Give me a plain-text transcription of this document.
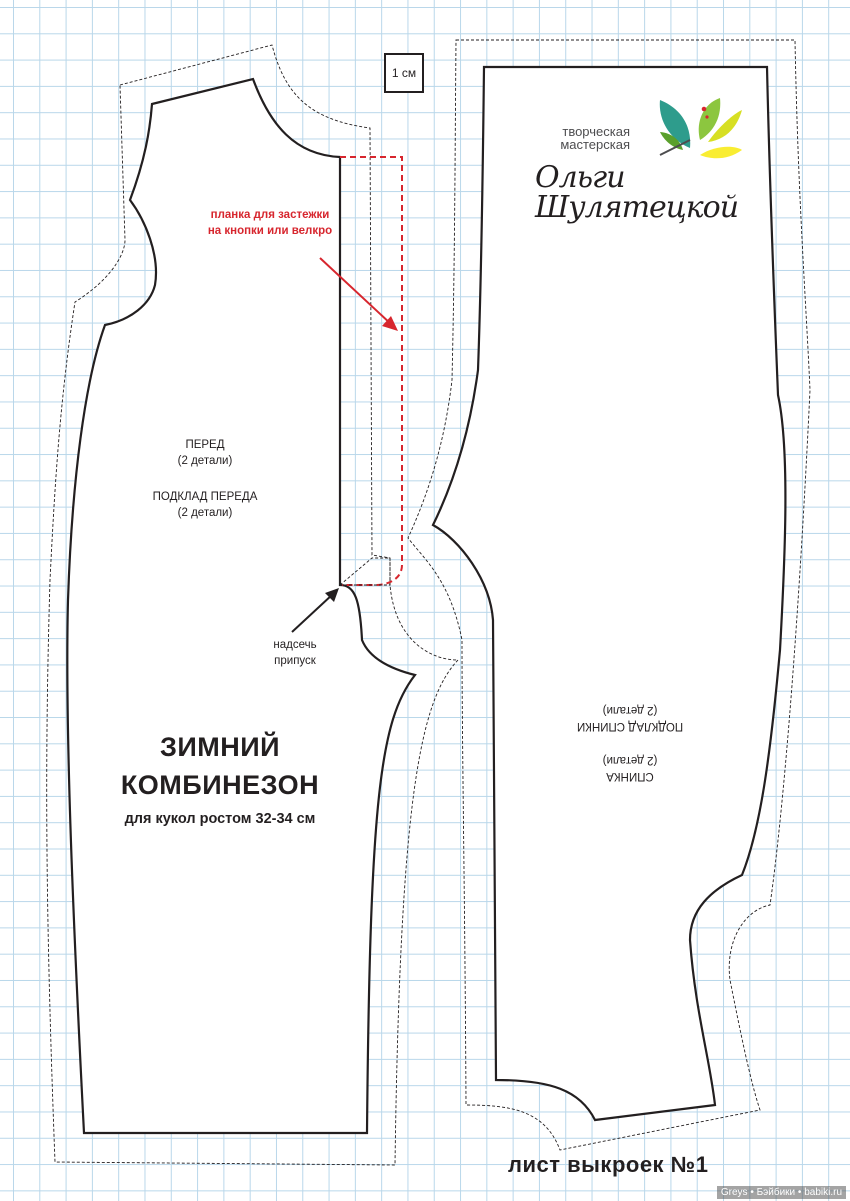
1 см
планка для застежки
на кнопки или велкро
ПЕРЕД
(2 детали)
ПОДКЛАД ПЕРЕДА
(2 детали)
надсечь
припуск
СПИНКА
(2 детали)
ПОДКЛАД СПИНКИ
(2 детали)
ЗИМНИЙ
КОМБИНЕЗОН
для кукол ростом 32-34 см
творческая
мастерская
Ольги Шулятецкой
лист выкроек №1
Greys • Бэйбики • babiki.ru
